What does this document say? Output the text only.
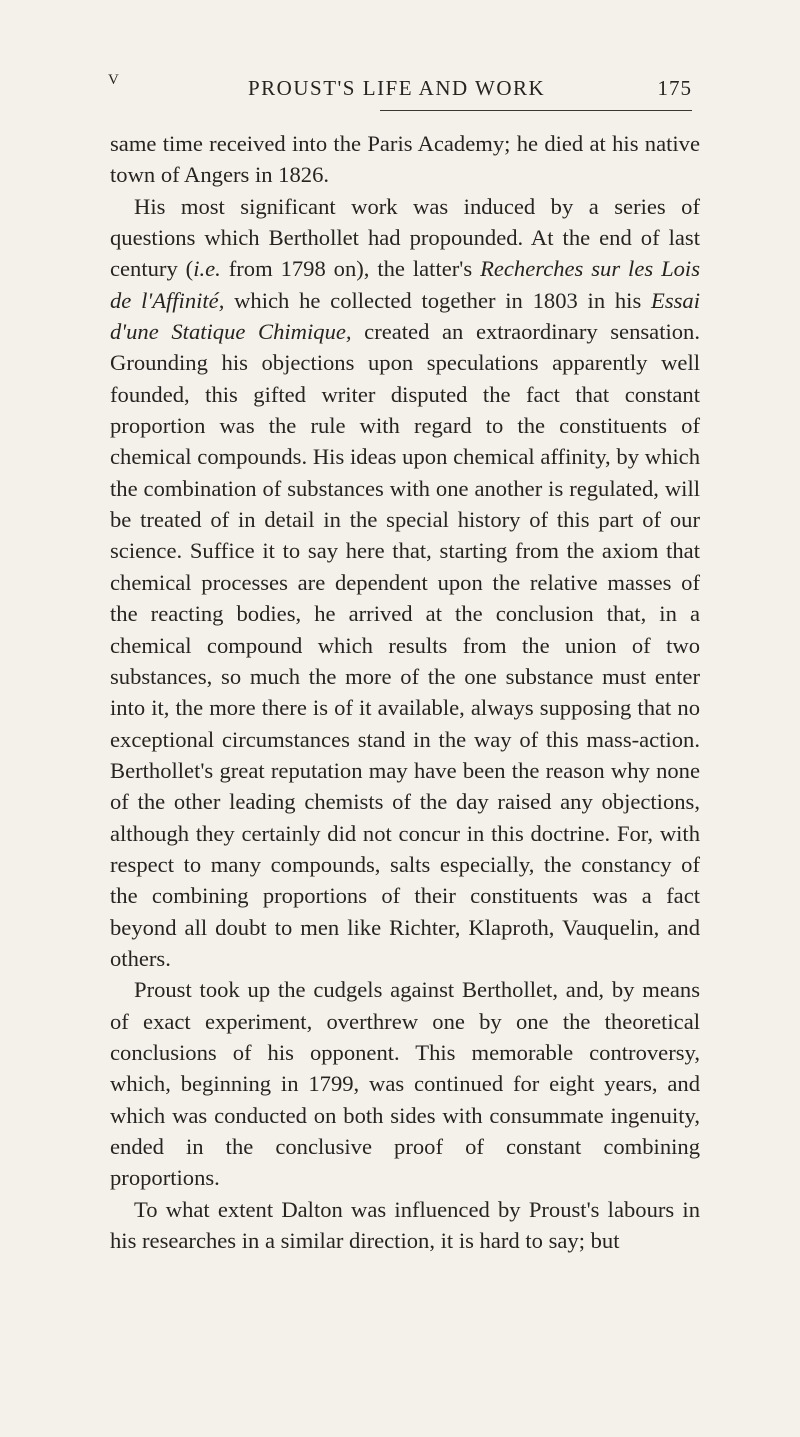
V	PROUST'S LIFE AND WORK	175

same time received into the Paris Academy; he died at his native town of Angers in 1826.

His most significant work was induced by a series of questions which Berthollet had propounded. At the end of last century (i.e. from 1798 on), the latter's Recherches sur les Lois de l'Affinité, which he collected together in 1803 in his Essai d'une Statique Chimique, created an extraordinary sensation. Grounding his objections upon speculations apparently well founded, this gifted writer disputed the fact that constant proportion was the rule with regard to the constituents of chemical compounds. His ideas upon chemical affinity, by which the combination of substances with one another is regulated, will be treated of in detail in the special history of this part of our science. Suffice it to say here that, starting from the axiom that chemical processes are dependent upon the relative masses of the reacting bodies, he arrived at the conclusion that, in a chemical compound which results from the union of two substances, so much the more of the one substance must enter into it, the more there is of it available, always supposing that no exceptional circumstances stand in the way of this mass-action. Berthollet's great reputation may have been the reason why none of the other leading chemists of the day raised any objections, although they certainly did not concur in this doctrine. For, with respect to many compounds, salts especially, the constancy of the combining proportions of their constituents was a fact beyond all doubt to men like Richter, Klaproth, Vauquelin, and others.

Proust took up the cudgels against Berthollet, and, by means of exact experiment, overthrew one by one the theoretical conclusions of his opponent. This memorable controversy, which, beginning in 1799, was continued for eight years, and which was conducted on both sides with consummate ingenuity, ended in the conclusive proof of constant combining proportions.

To what extent Dalton was influenced by Proust's labours in his researches in a similar direction, it is hard to say; but
